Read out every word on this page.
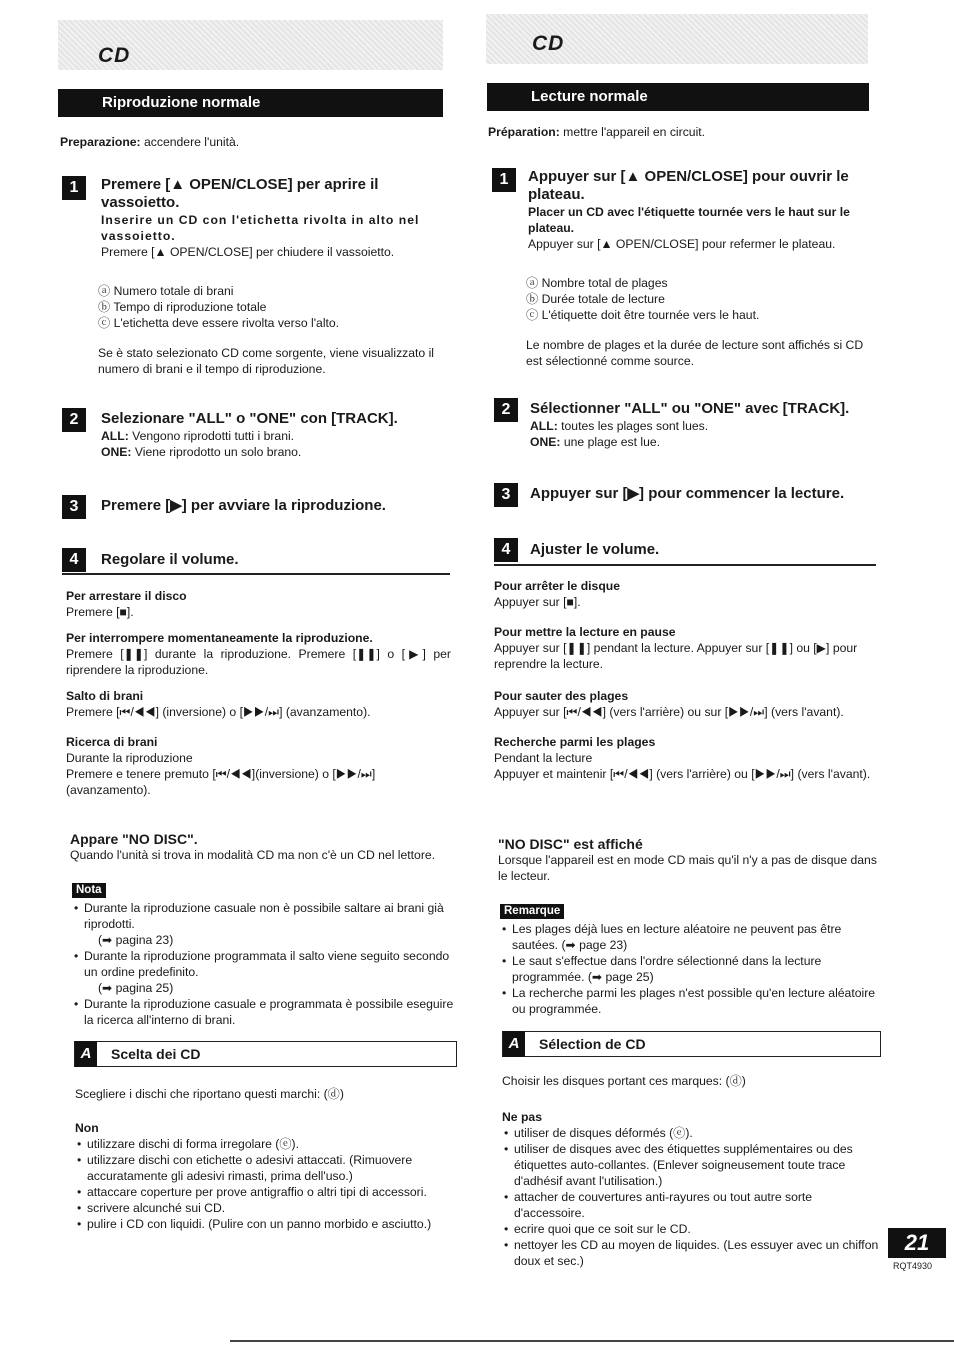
CD
Riproduzione normale
Preparazione: accendere l'unità.
1	Premere [▲ OPEN/CLOSE] per aprire il vassoietto.
Inserire un CD con l'etichetta rivolta in alto nel vassoietto.
Premere [▲ OPEN/CLOSE] per chiudere il vassoietto.
ⓐ Numero totale di brani
ⓑ Tempo di riproduzione totale
ⓒ L'etichetta deve essere rivolta verso l'alto.
Se è stato selezionato CD come sorgente, viene visualizzato il numero di brani e il tempo di riproduzione.
2	Selezionare "ALL" o "ONE" con [TRACK].
ALL: Vengono riprodotti tutti i brani.
ONE: Viene riprodotto un solo brano.
3	Premere [▶] per avviare la riproduzione.
4	Regolare il volume.
Per arrestare il disco
Premere [■].
Per interrompere momentaneamente la riproduzione.
Premere [❚❚] durante la riproduzione. Premere [❚❚] o [▶] per riprendere la riproduzione.
Salto di brani
Premere [⏮/◀◀] (inversione) o [▶▶/⏭] (avanzamento).
Ricerca di brani
Durante la riproduzione
Premere e tenere premuto [⏮/◀◀](inversione) o [▶▶/⏭] (avanzamento).
Appare "NO DISC".
Quando l'unità si trova in modalità CD ma non c'è un CD nel lettore.
Nota
• Durante la riproduzione casuale non è possibile saltare ai brani già riprodotti.
(➡ pagina 23)
• Durante la riproduzione programmata il salto viene seguito secondo un ordine predefinito.
(➡ pagina 25)
• Durante la riproduzione casuale e programmata è possibile eseguire la ricerca all'interno di brani.
A	Scelta dei CD
Scegliere i dischi che riportano questi marchi: (ⓓ)
Non
• utilizzare dischi di forma irregolare (ⓔ).
• utilizzare dischi con etichette o adesivi attaccati. (Rimuovere accuratamente gli adesivi rimasti, prima dell'uso.)
• attaccare coperture per prove antigraffio o altri tipi di accessori.
• scrivere alcunché sui CD.
• pulire i CD con liquidi. (Pulire con un panno morbido e asciutto.)
CD
Lecture normale
Préparation: mettre l'appareil en circuit.
1	Appuyer sur [▲ OPEN/CLOSE] pour ouvrir le plateau.
Placer un CD avec l'étiquette tournée vers le haut sur le plateau.
Appuyer sur [▲ OPEN/CLOSE] pour refermer le plateau.
ⓐ Nombre total de plages
ⓑ Durée totale de lecture
ⓒ L'étiquette doit être tournée vers le haut.
Le nombre de plages et la durée de lecture sont affichés si CD est sélectionné comme source.
2	Sélectionner "ALL" ou "ONE" avec [TRACK].
ALL: toutes les plages sont lues.
ONE: une plage est lue.
3	Appuyer sur [▶] pour commencer la lecture.
4	Ajuster le volume.
Pour arrêter le disque
Appuyer sur [■].
Pour mettre la lecture en pause
Appuyer sur [❚❚] pendant la lecture. Appuyer sur [❚❚] ou [▶] pour reprendre la lecture.
Pour sauter des plages
Appuyer sur [⏮/◀◀] (vers l'arrière) ou sur [▶▶/⏭] (vers l'avant).
Recherche parmi les plages
Pendant la lecture
Appuyer et maintenir [⏮/◀◀] (vers l'arrière) ou [▶▶/⏭] (vers l'avant).
"NO DISC" est affiché
Lorsque l'appareil est en mode CD mais qu'il n'y a pas de disque dans le lecteur.
Remarque
• Les plages déjà lues en lecture aléatoire ne peuvent pas être sautées. (➡ page 23)
• Le saut s'effectue dans l'ordre sélectionné dans la lecture programmée. (➡ page 25)
• La recherche parmi les plages n'est possible qu'en lecture aléatoire ou programmée.
A	Sélection de CD
Choisir les disques portant ces marques: (ⓓ)
Ne pas
• utiliser de disques déformés (ⓔ).
• utiliser de disques avec des étiquettes supplémentaires ou des étiquettes auto-collantes. (Enlever soigneusement toute trace d'adhésif avant l'utilisation.)
• attacher de couvertures anti-rayures ou tout autre sorte d'accessoire.
• ecrire quoi que ce soit sur le CD.
• nettoyer les CD au moyen de liquides. (Les essuyer avec un chiffon doux et sec.)
21
RQT4930
